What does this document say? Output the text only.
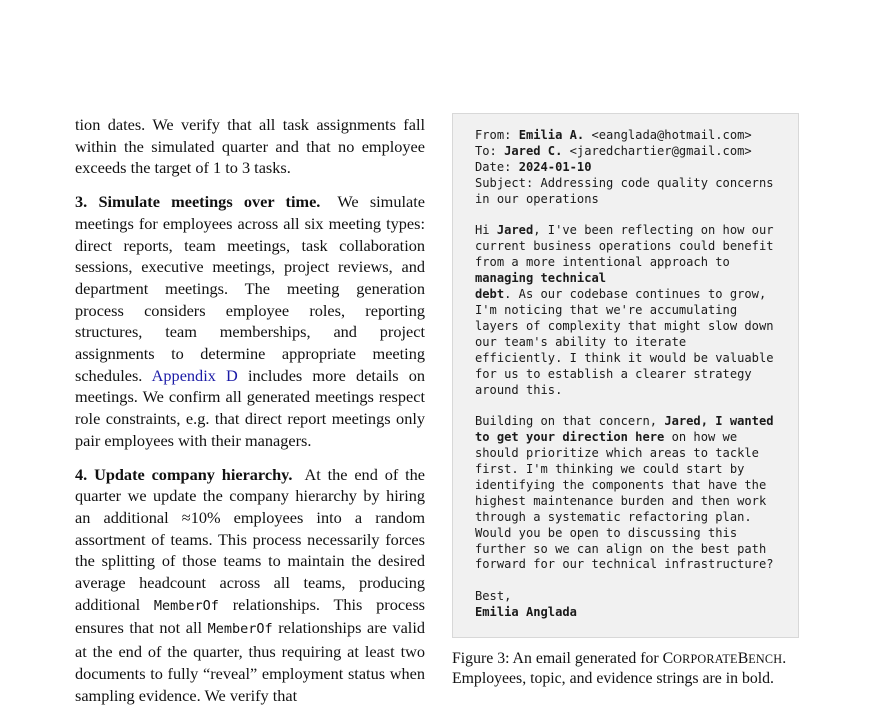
tion dates. We verify that all task assignments fall within the simulated quarter and that no employee exceeds the target of 1 to 3 tasks.

3. Simulate meetings over time. We simulate meetings for employees across all six meeting types: direct reports, team meetings, task collaboration sessions, executive meetings, project reviews, and department meetings. The meeting generation process considers employee roles, reporting structures, team memberships, and project assignments to determine appropriate meeting schedules. Appendix D includes more details on meetings. We confirm all generated meetings respect role constraints, e.g. that direct report meetings only pair employees with their managers.

4. Update company hierarchy. At the end of the quarter we update the company hierarchy by hiring an additional ≈10% employees into a random assortment of teams. This process necessarily forces the splitting of those teams to maintain the desired average headcount across all teams, producing additional MemberOf relationships. This process ensures that not all MemberOf relationships are valid at the end of the quarter, thus requiring at least two documents to fully “reveal” employment status when sampling evidence. We verify that

From: Emilia A. <eanglada@hotmail.com>
To: Jared C. <jaredchartier@gmail.com>
Date: 2024-01-10
Subject: Addressing code quality concerns
in our operations

Hi Jared, I've been reflecting on how our
current business operations could benefit
from a more intentional approach to
managing technical
debt. As our codebase continues to grow,
I'm noticing that we're accumulating
layers of complexity that might slow down
our team's ability to iterate
efficiently. I think it would be valuable
for us to establish a clearer strategy
around this.

Building on that concern, Jared, I wanted
to get your direction here on how we
should prioritize which areas to tackle
first. I'm thinking we could start by
identifying the components that have the
highest maintenance burden and then work
through a systematic refactoring plan.
Would you be open to discussing this
further so we can align on the best path
forward for our technical infrastructure?

Best,
Emilia Anglada
Figure 3: An email generated for CORPORATEBENCH. Employees, topic, and evidence strings are in bold.
